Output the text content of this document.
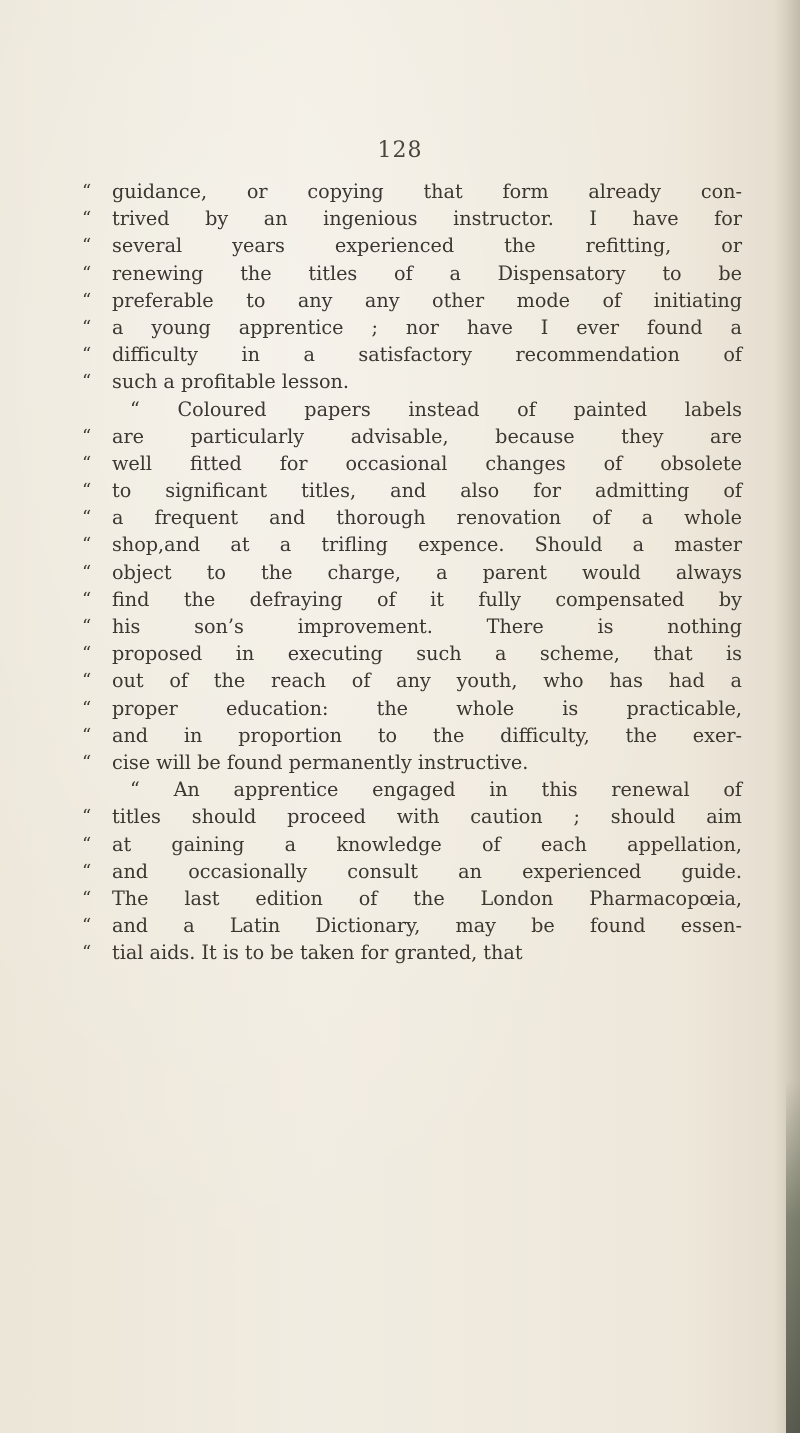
128
“	guidance, or copying that form already con-
“	trived by an ingenious instructor. I have for
“	several years experienced the refitting, or
“	renewing the titles of a Dispensatory to be
“	preferable to any any other mode of initiating
“	a young apprentice ; nor have I ever found a
“	difficulty in a satisfactory recommendation of
“	such a profitable lesson.
“ Coloured papers instead of painted labels
“	are particularly advisable, because they are
“	well fitted for occasional changes of obsolete
“	to significant titles, and also for admitting of
“	a frequent and thorough renovation of a whole
“	shop,and at a trifling expence. Should a master
“	object to the charge, a parent would always
“	find the defraying of it fully compensated by
“	his son’s improvement. There is nothing
“	proposed in executing such a scheme, that is
“	out of the reach of any youth, who has had a
“	proper education: the whole is practicable,
“	and in proportion to the difficulty, the exer-
“	cise will be found permanently instructive.
“ An apprentice engaged in this renewal of
“	titles should proceed with caution ; should aim
“	at gaining a knowledge of each appellation,
“	and occasionally consult an experienced guide.
“	The last edition of the London Pharmacopœia,
“	and a Latin Dictionary, may be found essen-
“	tial aids. It is to be taken for granted, that
